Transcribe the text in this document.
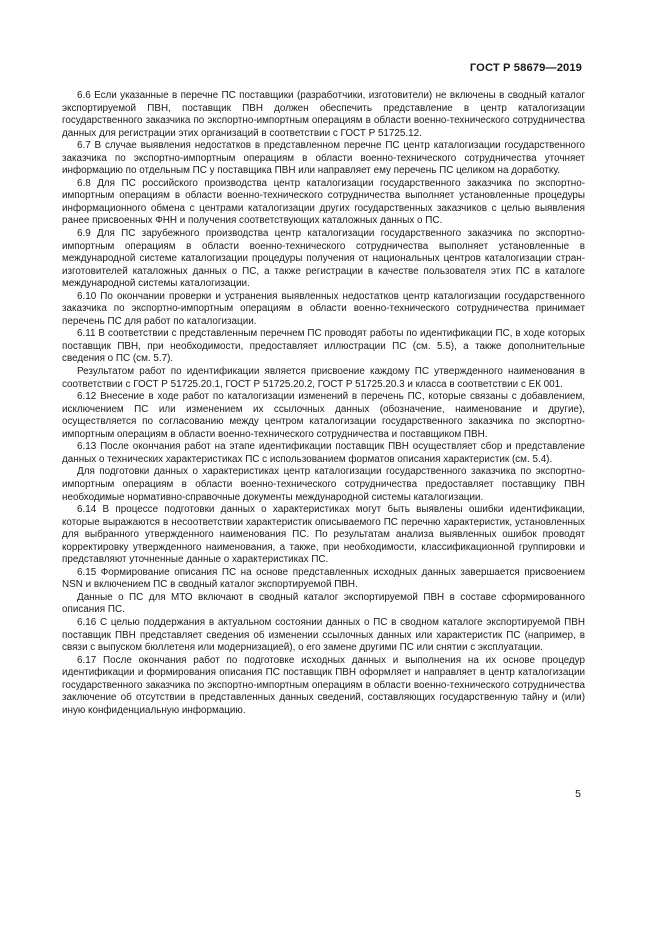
ГОСТ Р 58679—2019

6.6 Если указанные в перечне ПС поставщики (разработчики, изготовители) не включены в сводный каталог экспортируемой ПВН, поставщик ПВН должен обеспечить представление в центр каталогизации государственного заказчика по экспортно-импортным операциям в области военно-технического сотрудничества данных для регистрации этих организаций в соответствии с ГОСТ Р 51725.12.

6.7 В случае выявления недостатков в представленном перечне ПС центр каталогизации государственного заказчика по экспортно-импортным операциям в области военно-технического сотрудничества уточняет информацию по отдельным ПС у поставщика ПВН или направляет ему перечень ПС целиком на доработку.

6.8 Для ПС российского производства центр каталогизации государственного заказчика по экспортно-импортным операциям в области военно-технического сотрудничества выполняет установленные процедуры информационного обмена с центрами каталогизации других государственных заказчиков с целью выявления ранее присвоенных ФНН и получения соответствующих каталожных данных о ПС.

6.9 Для ПС зарубежного производства центр каталогизации государственного заказчика по экспортно-импортным операциям в области военно-технического сотрудничества выполняет установленные в международной системе каталогизации процедуры получения от национальных центров каталогизации стран-изготовителей каталожных данных о ПС, а также регистрации в качестве пользователя этих ПС в каталоге международной системы каталогизации.

6.10 По окончании проверки и устранения выявленных недостатков центр каталогизации государственного заказчика по экспортно-импортным операциям в области военно-технического сотрудничества принимает перечень ПС для работ по каталогизации.

6.11 В соответствии с представленным перечнем ПС проводят работы по идентификации ПС, в ходе которых поставщик ПВН, при необходимости, предоставляет иллюстрации ПС (см. 5.5), а также дополнительные сведения о ПС (см. 5.7).

Результатом работ по идентификации является присвоение каждому ПС утвержденного наименования в соответствии с ГОСТ Р 51725.20.1, ГОСТ Р 51725.20.2, ГОСТ Р 51725.20.3 и класса в соответствии с ЕК 001.

6.12 Внесение в ходе работ по каталогизации изменений в перечень ПС, которые связаны с добавлением, исключением ПС или изменением их ссылочных данных (обозначение, наименование и другие), осуществляется по согласованию между центром каталогизации государственного заказчика по экспортно-импортным операциям в области военно-технического сотрудничества и поставщиком ПВН.

6.13 После окончания работ на этапе идентификации поставщик ПВН осуществляет сбор и представление данных о технических характеристиках ПС с использованием форматов описания характеристик (см. 5.4).

Для подготовки данных о характеристиках центр каталогизации государственного заказчика по экспортно-импортным операциям в области военно-технического сотрудничества предоставляет поставщику ПВН необходимые нормативно-справочные документы международной системы каталогизации.

6.14 В процессе подготовки данных о характеристиках могут быть выявлены ошибки идентификации, которые выражаются в несоответствии характеристик описываемого ПС перечню характеристик, установленных для выбранного утвержденного наименования ПС. По результатам анализа выявленных ошибок проводят корректировку утвержденного наименования, а также, при необходимости, классификационной группировки и представляют уточненные данные о характеристиках ПС.

6.15 Формирование описания ПС на основе представленных исходных данных завершается присвоением NSN и включением ПС в сводный каталог экспортируемой ПВН.

Данные о ПС для МТО включают в сводный каталог экспортируемой ПВН в составе сформированного описания ПС.

6.16 С целью поддержания в актуальном состоянии данных о ПС в сводном каталоге экспортируемой ПВН поставщик ПВН представляет сведения об изменении ссылочных данных или характеристик ПС (например, в связи с выпуском бюллетеня или модернизацией), о его замене другими ПС или снятии с эксплуатации.

6.17 После окончания работ по подготовке исходных данных и выполнения на их основе процедур идентификации и формирования описания ПС поставщик ПВН оформляет и направляет в центр каталогизации государственного заказчика по экспортно-импортным операциям в области военно-технического сотрудничества заключение об отсутствии в представленных данных сведений, составляющих государственную тайну и (или) иную конфиденциальную информацию.

5
